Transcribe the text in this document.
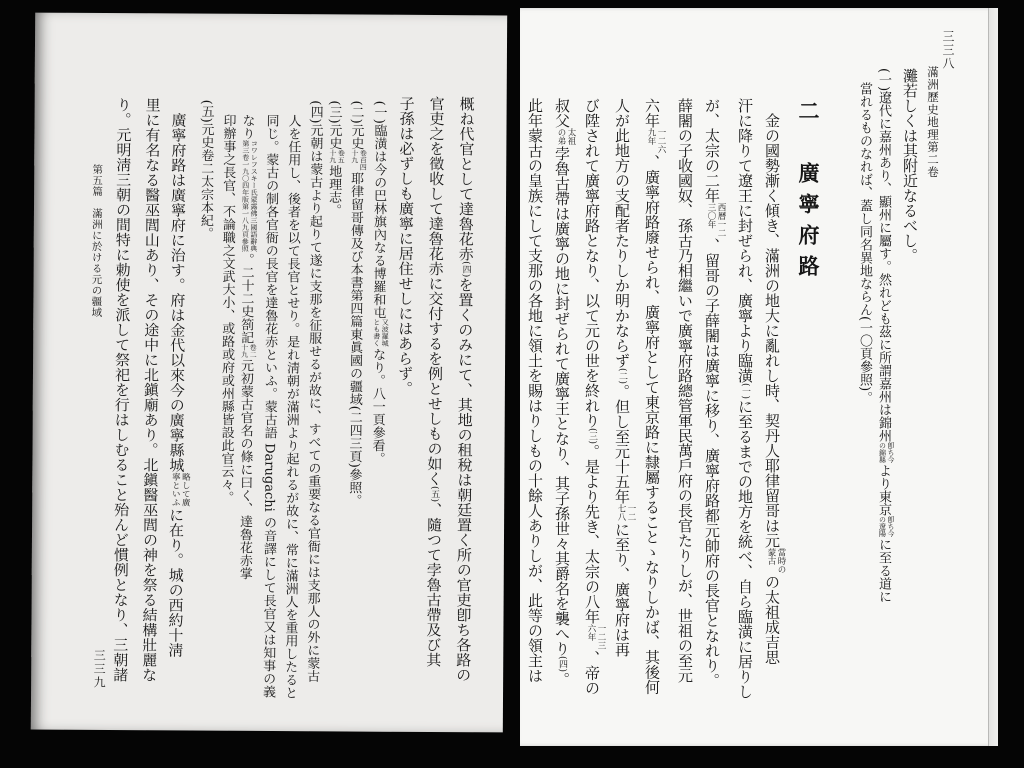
概ね代官として達魯花赤(四)を置くのみにて、其地の租稅は朝廷置く所の官吏卽ち各路の
官吏之を徵收して達魯花赤に交付するを例とせしもの如く(五)、隨つて孛魯古帶及び其
子孫は必ずしも廣寧に居住せしにはあらず。
(一)臨潢は今の巴林旗內なる博羅和屯又波羅城とも書くなり。八一頁參看。
(二)元史卷百四十九耶律留哥傳及び本書第四篇東眞國の疆域(二四三頁)參照。
(三)元史卷五十九地理志。
(四)元朝は蒙古より起りて遂に支那を征服せるが故に、すべての重要なる官衙には支那人の外に蒙古
人を任用し、後者を以て長官とせり。是れ淸朝が滿洲より起れるが故に、常に滿洲人を重用したると
同じ。蒙古の制各官衙の長官を達魯花赤といふ。蒙古語 Darugachi の音譯にして長官又は知事の義
なりコワレフスキー氏蒙露佛三國語辭典第三卷一九〇四年版第一八九頁參照。二十二史箚記卷二十九元初蒙古官名の條に曰く、達魯花赤掌
印辦事之長官、不論職之文武大小、或路或府或州縣皆設此官云々。
(五)元史卷二太宗本紀。
廣寧府路は廣寧府に治す。府は金代以來今の廣寧縣城略して廣寧といふに在り。城の西約十淸
里に有名なる醫巫閭山あり、その途中に北鎭廟あり。北鎭醫巫閭の神を祭る結構壯麗な
り。元明淸三朝の間特に勅使を派して祭祀を行はしむること殆んど慣例となり、三朝諸
第五篇　滿洲に於ける元の疆域
三三九
三三八
滿洲歷史地理第二卷
灘若しくは其附近なるべし。
(一)遼代に嘉州あり、顯州に屬す。然れども茲に所謂嘉州は錦州卽ち今の錦縣より東京卽ち今の遼陽に至る道に
當れるものなれば、蓋し同名異地ならん(一〇頁參照)。
二　廣寧府路
金の國勢漸く傾き、滿洲の地大に亂れし時、契丹人耶律留哥は元當時の蒙古の太祖成吉思
汗に降りて遼王に封ぜられ、廣寧より臨潢(一)に至るまでの地方を統べ、自ら臨潢に居りし
が、太宗の二年西曆一二三〇年、留哥の子薛闍は廣寧に移り、廣寧府路都元帥府の長官となれり。
薛闍の子收國奴、孫古乃相繼いで廣寧府路總管軍民萬戶府の長官たりしが、世祖の至元
六年一二六九年、廣寧府路廢せられ、廣寧府として東京路に隸屬することゝなりしかば、其後何
人が此地方の支配者たりしか明かならず(二)。但し至元十五年一二七八に至り、廣寧府は再
び陞されて廣寧府路となり、以て元の世を終れり(三)。是より先き、太宗の八年一二三六年、帝の
叔父太祖の弟孛魯古帶は廣寧の地に封ぜられて廣寧王となり、其子孫世々其爵名を襲へり(四)。
此年蒙古の皇族にして支那の各地に領土を賜はりしもの十餘人ありしが、此等の領主は
